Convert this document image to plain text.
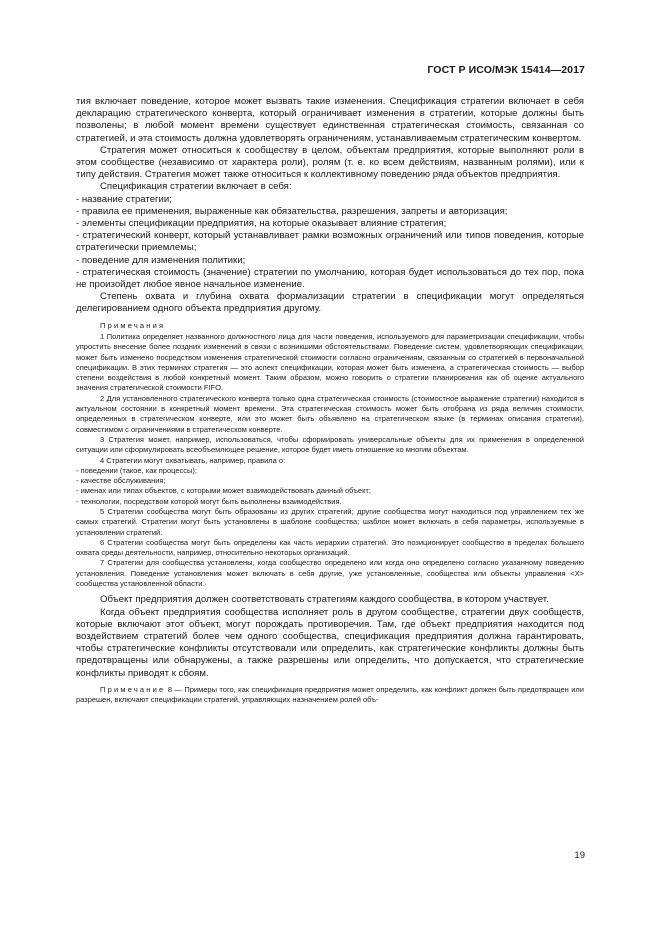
ГОСТ Р ИСО/МЭК 15414—2017

тия включает поведение, которое может вызвать такие изменения. Спецификация стратегии включает в себя декларацию стратегического конверта, который ограничивает изменения в стратегии, которые должны быть позволены; в любой момент времени существует единственная стратегическая стоимость, связанная со стратегией, и эта стоимость должна удовлетворять ограничениям, устанавливаемым стратегическим конвертом.

Стратегия может относиться к сообществу в целом, объектам предприятия, которые выполняют роли в этом сообществе (независимо от характера роли), ролям (т. е. ко всем действиям, названным ролями), или к типу действия. Стратегия может также относиться к коллективному поведению ряда объектов предприятия.

Спецификация стратегии включает в себя:

- название стратегии;

- правила ее применения, выраженные как обязательства, разрешения, запреты и авторизация;

- элементы спецификации предприятия, на которые оказывает влияние стратегия;

- стратегический конверт, который устанавливает рамки возможных ограничений или типов поведения, которые стратегически приемлемы;

- поведение для изменения политики;

- стратегическая стоимость (значение) стратегии по умолчанию, которая будет использоваться до тех пор, пока не произойдет любое явное начальное изменение.

Степень охвата и глубина охвата формализации стратегии в спецификации могут определяться делегированием одного объекта предприятия другому.

Примечания

1 Политика определяет названного должностного лица для части поведения, используемого для параметризации спецификации, чтобы упростить внесение более поздних изменений в связи с возникшими обстоятельствами. Поведение систем, удовлетворяющих спецификации, может быть изменено посредством изменения стратегической стоимости согласно ограничениям, связанным со стратегией в первоначальной спецификации. В этих терминах стратегия — это аспект спецификации, которая может быть изменена, а стратегическая стоимость — выбор степени воздействия в любой конкретный момент. Таким образом, можно говорить о стратегии планирования как об оценке актуального значения стратегической стоимости FIFO.

2 Для установленного стратегического конверта только одна стратегическая стоимость (стоимостное выражение стратегии) находится в актуальном состоянии в конкретный момент времени. Эта стратегическая стоимость может быть отобрана из ряда величин стоимости, определенных в стратегическом конверте, или это может быть объявлено на стратегическом языке (в терминах описания стратегии), совместимом с ограничениями в стратегическом конверте.

3 Стратегия может, например, использоваться, чтобы сформировать универсальные объекты для их применения в определенной ситуации или сформулировать всеобъемлющее решение, которое будет иметь отношение ко многим объектам.

4 Стратегии могут охватывать, например, правила о:

- поведении (такое, как процессы);

- качестве обслуживания;

- именах или типах объектов, с которыми может взаимодействовать данный объект;

- технологии, посредством которой могут быть выполнены взаимодействия.

5 Стратегии сообщества могут быть образованы из других стратегий; другие сообщества могут находиться под управлением тех же самых стратегий. Стратегии могут быть установлены в шаблоне сообщества; шаблон может включать в себя параметры, используемые в установлении стратегий.

6 Стратегии сообщества могут быть определены как часть иерархии стратегий. Это позиционирует сообщество в пределах большего охвата среды деятельности, например, относительно некоторых организаций.

7 Стратегии для сообщества установлены, когда сообщество определено или когда оно определено согласно указанному поведению установления. Поведение установления может включать в себя другие, уже установленные, сообщества или объекты управления <X> сообщества установленной области.·

Объект предприятия должен соответствовать стратегиям каждого сообщества, в котором участвует.

Когда объект предприятия сообщества исполняет роль в другом сообществе, стратегии двух сообществ, которые включают этот объект, могут порождать противоречия. Там, где объект предприятия находится под воздействием стратегий более чем одного сообщества, спецификация предприятия должна гарантировать, чтобы стратегические конфликты отсутствовали или определить, как стратегические конфликты должны быть предотвращены или обнаружены, а также разрешены или определить, что допускается, что стратегические конфликты приводят к сбоям.

Примечание 8 — Примеры того, как спецификация предприятия может определить, как конфликт должен быть предотвращен или разрешен, включают спецификации стратегий, управляющих назначением ролей объ-

19
